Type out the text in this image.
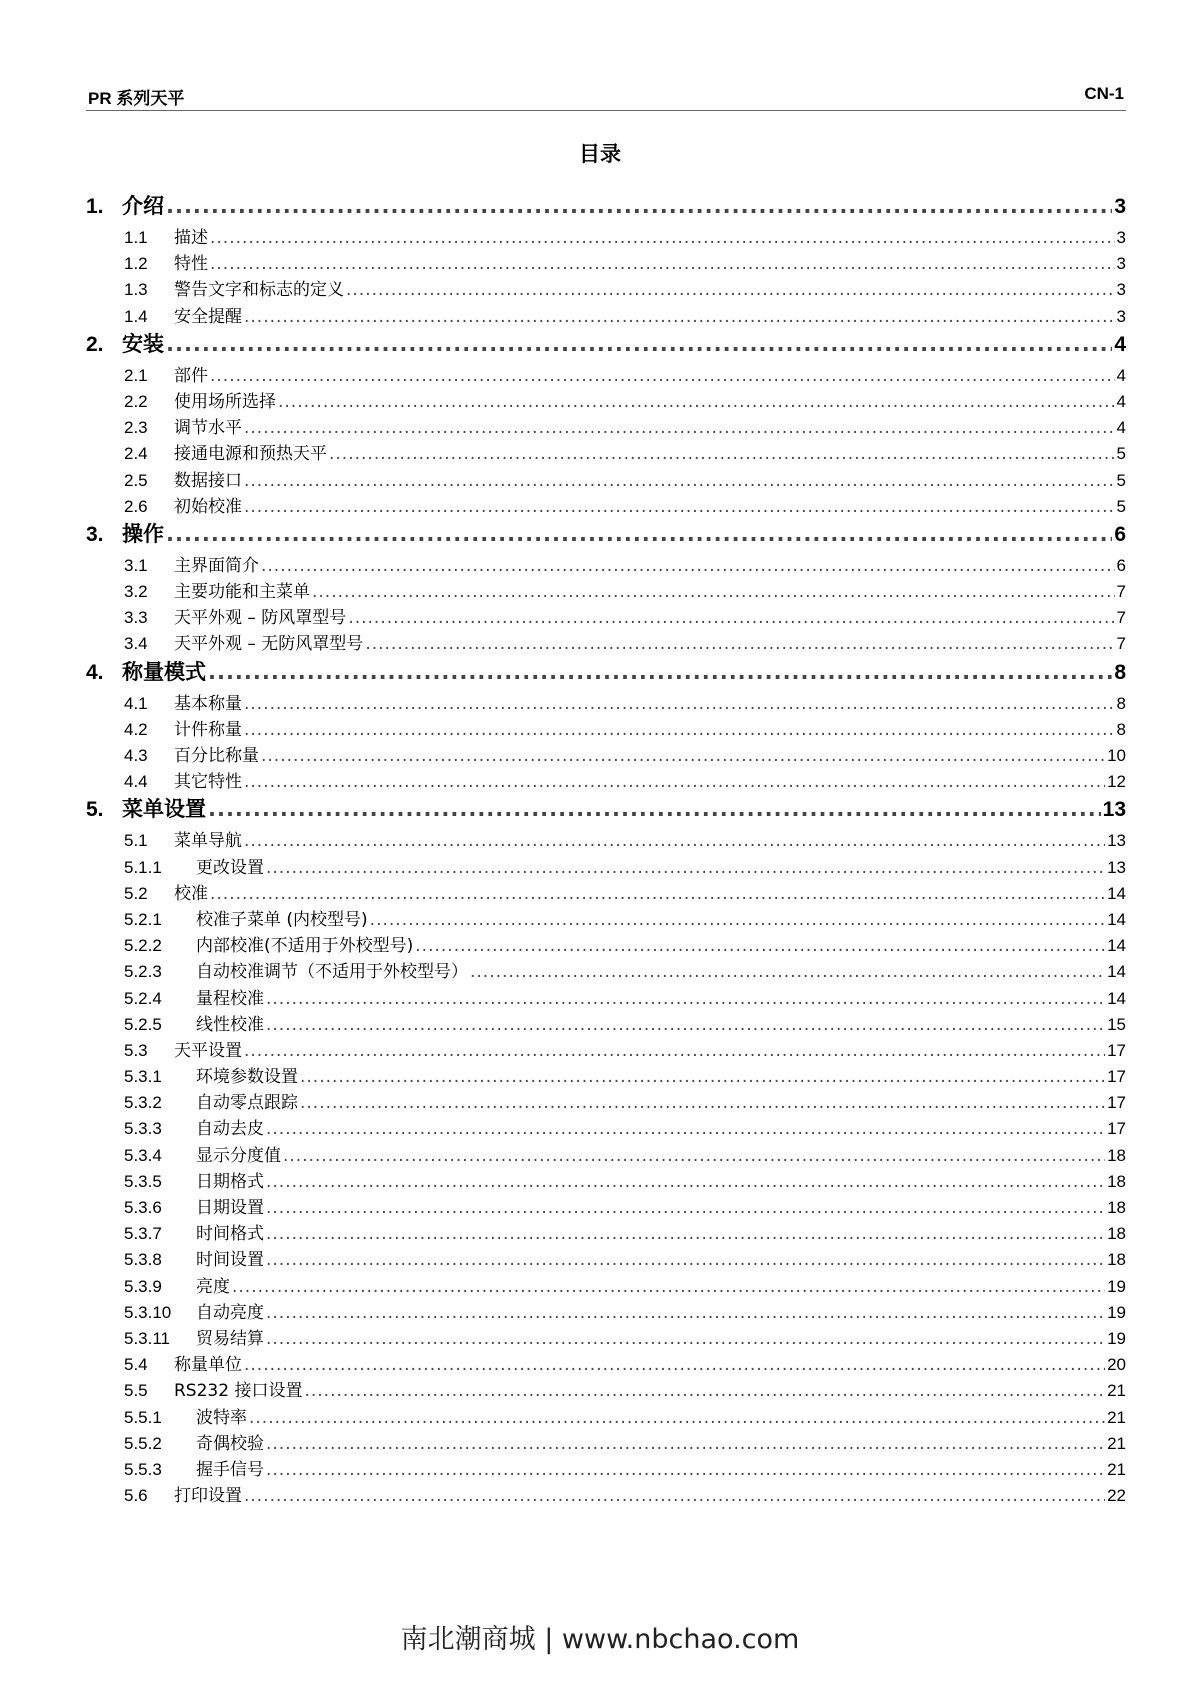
PR 系列天平	CN-1
目录
1. 介绍 .....	3
1.1	描述 .....	3
1.2	特性 .....	3
1.3	警告文字和标志的定义 .....	3
1.4	安全提醒 .....	3
2. 安装 .....	4
2.1	部件 .....	4
2.2	使用场所选择 .....	4
2.3	调节水平 .....	4
2.4	接通电源和预热天平 .....	5
2.5	数据接口 .....	5
2.6	初始校准 .....	5
3. 操作 .....	6
3.1	主界面简介 .....	6
3.2	主要功能和主菜单 .....	7
3.3	天平外观 – 防风罩型号 .....	7
3.4	天平外观 – 无防风罩型号 .....	7
4. 称量模式 .....	8
4.1	基本称量 .....	8
4.2	计件称量 .....	8
4.3	百分比称量 .....	10
4.4	其它特性 .....	12
5. 菜单设置 .....	13
5.1	菜单导航 .....	13
5.1.1	更改设置 .....	13
5.2	校准 .....	14
5.2.1	校准子菜单 (内校型号) .....	14
5.2.2	内部校准(不适用于外校型号) .....	14
5.2.3	自动校准调节（不适用于外校型号） .....	14
5.2.4	量程校准 .....	14
5.2.5	线性校准 .....	15
5.3	天平设置 .....	17
5.3.1	环境参数设置 .....	17
5.3.2	自动零点跟踪 .....	17
5.3.3	自动去皮 .....	17
5.3.4	显示分度值 .....	18
5.3.5	日期格式 .....	18
5.3.6	日期设置 .....	18
5.3.7	时间格式 .....	18
5.3.8	时间设置 .....	18
5.3.9	亮度 .....	19
5.3.10	自动亮度 .....	19
5.3.11	贸易结算 .....	19
5.4	称量单位 .....	20
5.5	RS232 接口设置 .....	21
5.5.1	波特率 .....	21
5.5.2	奇偶校验 .....	21
5.5.3	握手信号 .....	21
5.6	打印设置 .....	22
南北潮商城 | www.nbchao.com
